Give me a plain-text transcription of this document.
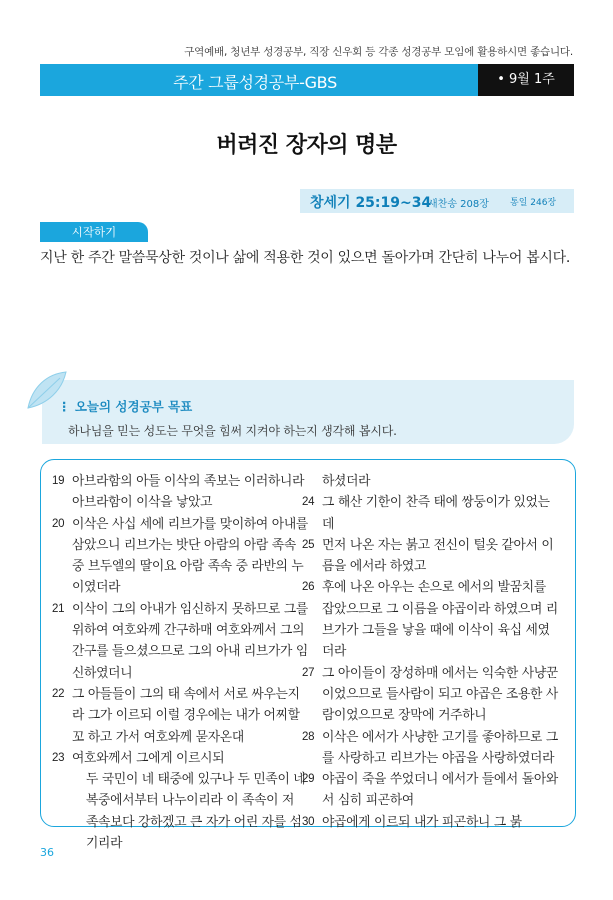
구역예배, 청년부 성경공부, 직장 신우회 등 각종 성경공부 모임에 활용하시면 좋습니다.
주간 그룹성경공부-GBS	• 9월 1주
버려진 장자의 명분
창세기 25:19~34
새찬송 208장 통일 246장
시작하기
지난 한 주간 말씀묵상한 것이나 삶에 적용한 것이 있으면 돌아가며 간단히 나누어 봅시다.
⋮ 오늘의 성경공부 목표
하나님을 믿는 성도는 무엇을 힘써 지켜야 하는지 생각해 봅시다.
19 아브라함의 아들 이삭의 족보는 이러하니라 아브라함이 이삭을 낳았고
20 이삭은 사십 세에 리브가를 맞이하여 아내를 삼았으니 리브가는 밧단 아람의 아람 족속 중 브두엘의 딸이요 아람 족속 중 라반의 누이였더라
21 이삭이 그의 아내가 임신하지 못하므로 그를 위하여 여호와께 간구하매 여호와께서 그의 간구를 들으셨으므로 그의 아내 리브가가 임신하였더니
22 그 아들들이 그의 태 속에서 서로 싸우는지라 그가 이르되 이럴 경우에는 내가 어찌할꼬 하고 가서 여호와께 묻자온대
23 여호와께서 그에게 이르시되
두 국민이 네 태중에 있구나 두 민족이 네 복중에서부터 나누이리라 이 족속이 저 족속보다 강하겠고 큰 자가 어린 자를 섬기리라
하셨더라
24 그 해산 기한이 찬즉 태에 쌍둥이가 있었는데
25 먼저 나온 자는 붉고 전신이 털옷 같아서 이름을 에서라 하였고
26 후에 나온 아우는 손으로 에서의 발꿈치를 잡았으므로 그 이름을 야곱이라 하였으며 리브가가 그들을 낳을 때에 이삭이 육십 세였더라
27 그 아이들이 장성하매 에서는 익숙한 사냥꾼이었으므로 들사람이 되고 야곱은 조용한 사람이었으므로 장막에 거주하니
28 이삭은 에서가 사냥한 고기를 좋아하므로 그를 사랑하고 리브가는 야곱을 사랑하였더라
29 야곱이 죽을 쑤었더니 에서가 들에서 돌아와서 심히 피곤하여
30 야곱에게 이르되 내가 피곤하니 그 붉
36
